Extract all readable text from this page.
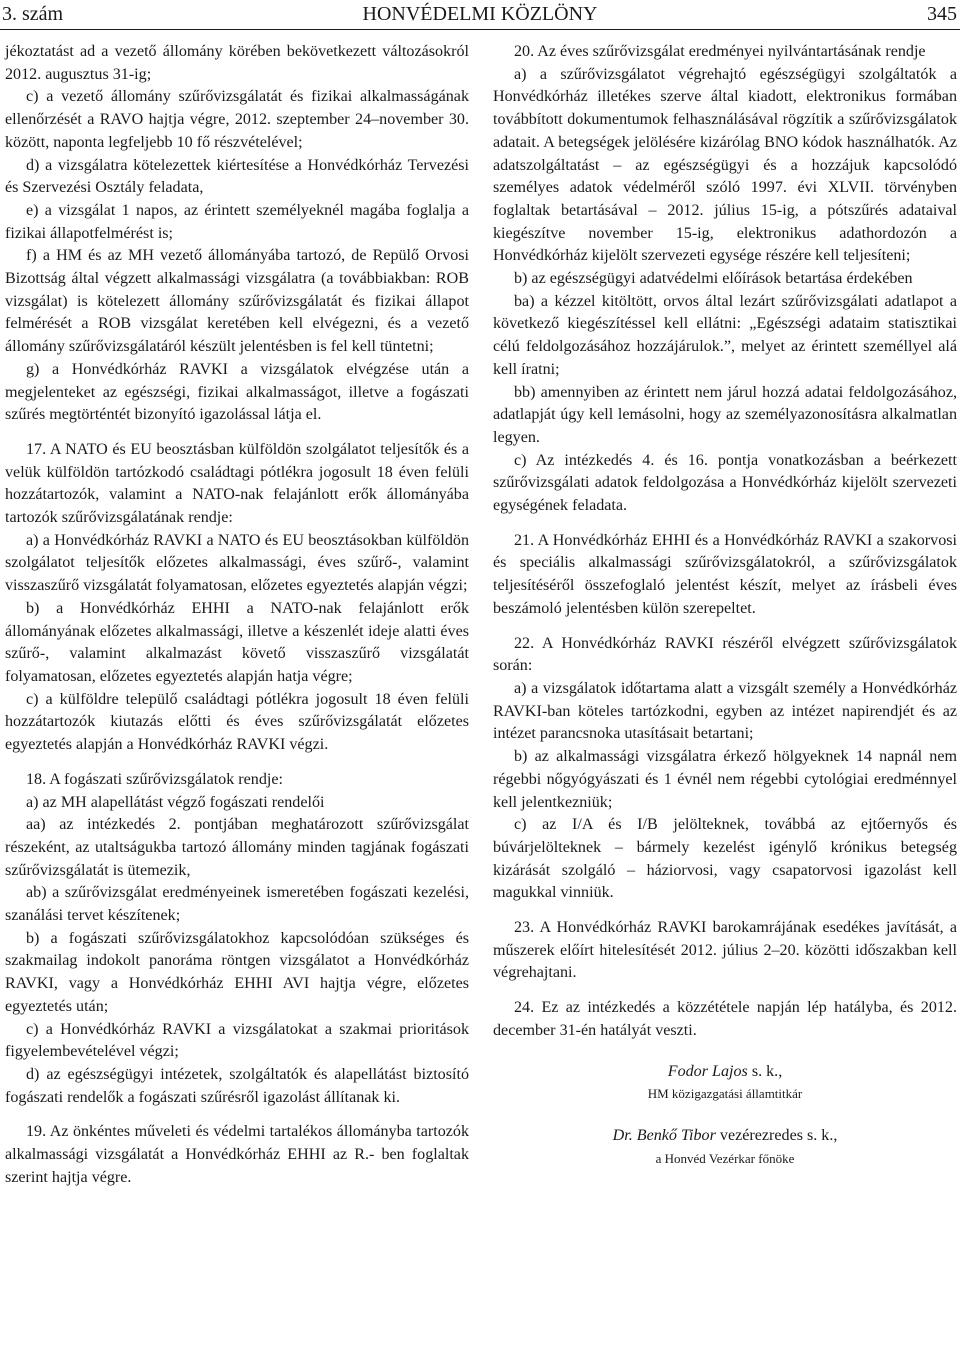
3. szám	HONVÉDELMI KÖZLÖNY	345

jékoztatást ad a vezető állomány körében bekövetkezett változásokról 2012. augusztus 31-ig;

c) a vezető állomány szűrővizsgálatát és fizikai alkalmasságának ellenőrzését a RAVO hajtja végre, 2012. szeptember 24–november 30. között, naponta legfeljebb 10 fő részvételével;

d) a vizsgálatra kötelezettek kiértesítése a Honvédkórház Tervezési és Szervezési Osztály feladata,

e) a vizsgálat 1 napos, az érintett személyeknél magába foglalja a fizikai állapotfelmérést is;

f) a HM és az MH vezető állományába tartozó, de Repülő Orvosi Bizottság által végzett alkalmassági vizsgálatra (a továbbiakban: ROB vizsgálat) is kötelezett állomány szűrővizsgálatát és fizikai állapot felmérését a ROB vizsgálat keretében kell elvégezni, és a vezető állomány szűrővizsgálatáról készült jelentésben is fel kell tüntetni;

g) a Honvédkórház RAVKI a vizsgálatok elvégzése után a megjelenteket az egészségi, fizikai alkalmasságot, illetve a fogászati szűrés megtörténtét bizonyító igazolással látja el.

17. A NATO és EU beosztásban külföldön szolgálatot teljesítők és a velük külföldön tartózkodó családtagi pótlékra jogosult 18 éven felüli hozzátartozók, valamint a NATO-nak felajánlott erők állományába tartozók szűrővizsgálatának rendje:

a) a Honvédkórház RAVKI a NATO és EU beosztásokban külföldön szolgálatot teljesítők előzetes alkalmassági, éves szűrő-, valamint visszaszűrő vizsgálatát folyamatosan, előzetes egyeztetés alapján végzi;

b) a Honvédkórház EHHI a NATO-nak felajánlott erők állományának előzetes alkalmassági, illetve a készenlét ideje alatti éves szűrő-, valamint alkalmazást követő visszaszűrő vizsgálatát folyamatosan, előzetes egyeztetés alapján hatja végre;

c) a külföldre települő családtagi pótlékra jogosult 18 éven felüli hozzátartozók kiutazás előtti és éves szűrővizsgálatát előzetes egyeztetés alapján a Honvédkórház RAVKI végzi.

18. A fogászati szűrővizsgálatok rendje:

a) az MH alapellátást végző fogászati rendelői

aa) az intézkedés 2. pontjában meghatározott szűrővizsgálat részeként, az utaltságukba tartozó állomány minden tagjának fogászati szűrővizsgálatát is ütemezik,

ab) a szűrővizsgálat eredményeinek ismeretében fogászati kezelési, szanálási tervet készítenek;

b) a fogászati szűrővizsgálatokhoz kapcsolódóan szükséges és szakmailag indokolt panoráma röntgen vizsgálatot a Honvédkórház RAVKI, vagy a Honvédkórház EHHI AVI hajtja végre, előzetes egyeztetés után;

c) a Honvédkórház RAVKI a vizsgálatokat a szakmai prioritások figyelembevételével végzi;

d) az egészségügyi intézetek, szolgáltatók és alapellátást biztosító fogászati rendelők a fogászati szűrésről igazolást állítanak ki.

19. Az önkéntes műveleti és védelmi tartalékos állományba tartozók alkalmassági vizsgálatát a Honvédkórház EHHI az R.- ben foglaltak szerint hajtja végre.

20. Az éves szűrővizsgálat eredményei nyilvántartásának rendje

a) a szűrővizsgálatot végrehajtó egészségügyi szolgáltatók a Honvédkórház illetékes szerve által kiadott, elektronikus formában továbbított dokumentumok felhasználásával rögzítik a szűrővizsgálatok adatait. A betegségek jelölésére kizárólag BNO kódok használhatók. Az adatszolgáltatást – az egészségügyi és a hozzájuk kapcsolódó személyes adatok védelméről szóló 1997. évi XLVII. törvényben foglaltak betartásával – 2012. július 15-ig, a pótszűrés adataival kiegészítve november 15-ig, elektronikus adathordozón a Honvédkórház kijelölt szervezeti egysége részére kell teljesíteni;

b) az egészségügyi adatvédelmi előírások betartása érdekében

ba) a kézzel kitöltött, orvos által lezárt szűrővizsgálati adatlapot a következő kiegészítéssel kell ellátni: „Egészségi adataim statisztikai célú feldolgozásához hozzájárulok.”, melyet az érintett személlyel alá kell íratni;

bb) amennyiben az érintett nem járul hozzá adatai feldolgozásához, adatlapját úgy kell lemásolni, hogy az személyazonosításra alkalmatlan legyen.

c) Az intézkedés 4. és 16. pontja vonatkozásban a beérkezett szűrővizsgálati adatok feldolgozása a Honvédkórház kijelölt szervezeti egységének feladata.

21. A Honvédkórház EHHI és a Honvédkórház RAVKI a szakorvosi és speciális alkalmassági szűrővizsgálatokról, a szűrővizsgálatok teljesítéséről összefoglaló jelentést készít, melyet az írásbeli éves beszámoló jelentésben külön szerepeltet.

22. A Honvédkórház RAVKI részéről elvégzett szűrővizsgálatok során:

a) a vizsgálatok időtartama alatt a vizsgált személy a Honvédkórház RAVKI-ban köteles tartózkodni, egyben az intézet napirendjét és az intézet parancsnoka utasításait betartani;

b) az alkalmassági vizsgálatra érkező hölgyeknek 14 napnál nem régebbi nőgyógyászati és 1 évnél nem régebbi cytológiai eredménnyel kell jelentkezniük;

c) az I/A és I/B jelölteknek, továbbá az ejtőernyős és búvárjelölteknek – bármely kezelést igénylő krónikus betegség kizárását szolgáló – háziorvosi, vagy csapatorvosi igazolást kell magukkal vinniük.

23. A Honvédkórház RAVKI barokamrájának esedékes javítását, a műszerek előírt hitelesítését 2012. július 2–20. közötti időszakban kell végrehajtani.

24. Ez az intézkedés a közzététele napján lép hatályba, és 2012. december 31-én hatályát veszti.

Fodor Lajos s. k.,
HM közigazgatási államtitkár
Dr. Benkő Tibor vezérezredes s. k.,
a Honvéd Vezérkar főnöke
